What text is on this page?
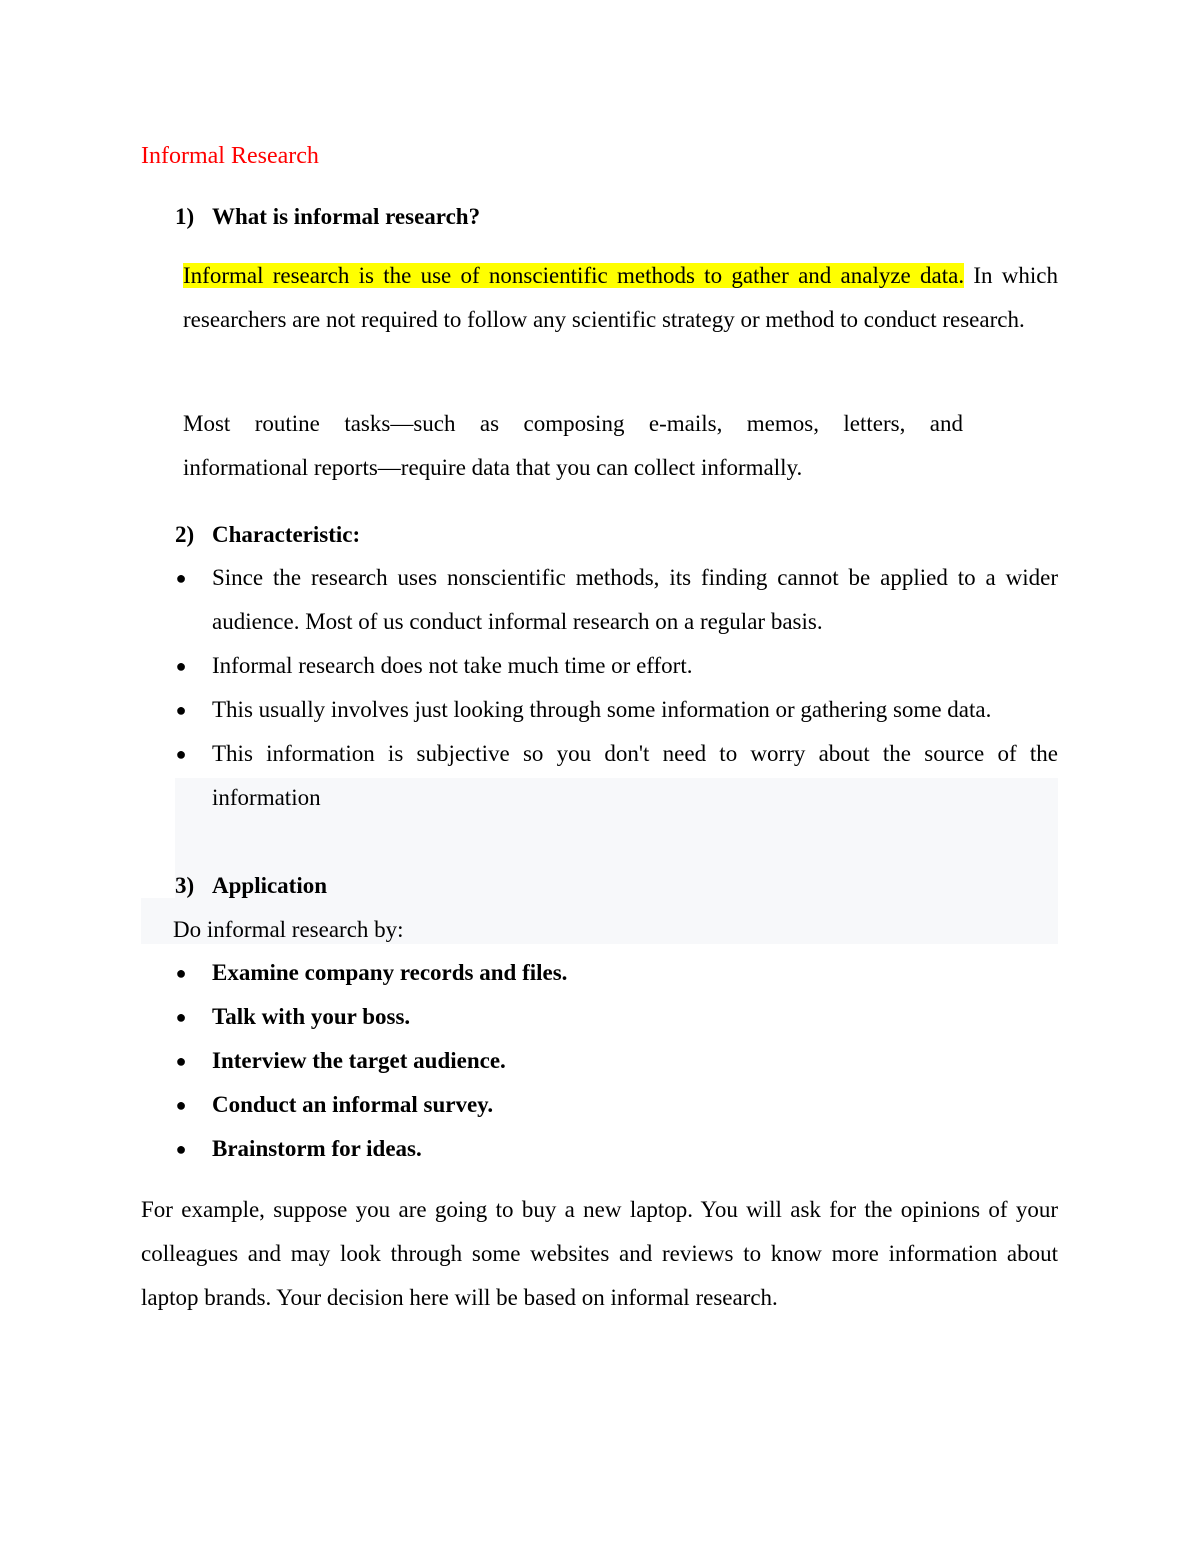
Informal Research
1) What is informal research?

Informal research is the use of nonscientific methods to gather and analyze data. In which researchers are not required to follow any scientific strategy or method to conduct research.

Most routine tasks—such as composing e-mails, memos, letters, and

informational reports—require data that you can collect informally.

2) Characteristic:
● Since the research uses nonscientific methods, its finding cannot be applied to a wider audience. Most of us conduct informal research on a regular basis.
● Informal research does not take much time or effort.
● This usually involves just looking through some information or gathering some data.
● This information is subjective so you don't need to worry about the source of the information
3) Application

Do informal research by:

● Examine company records and files.
● Talk with your boss.
● Interview the target audience.
● Conduct an informal survey.
● Brainstorm for ideas.

For example, suppose you are going to buy a new laptop. You will ask for the opinions of your colleagues and may look through some websites and reviews to know more information about laptop brands. Your decision here will be based on informal research.
